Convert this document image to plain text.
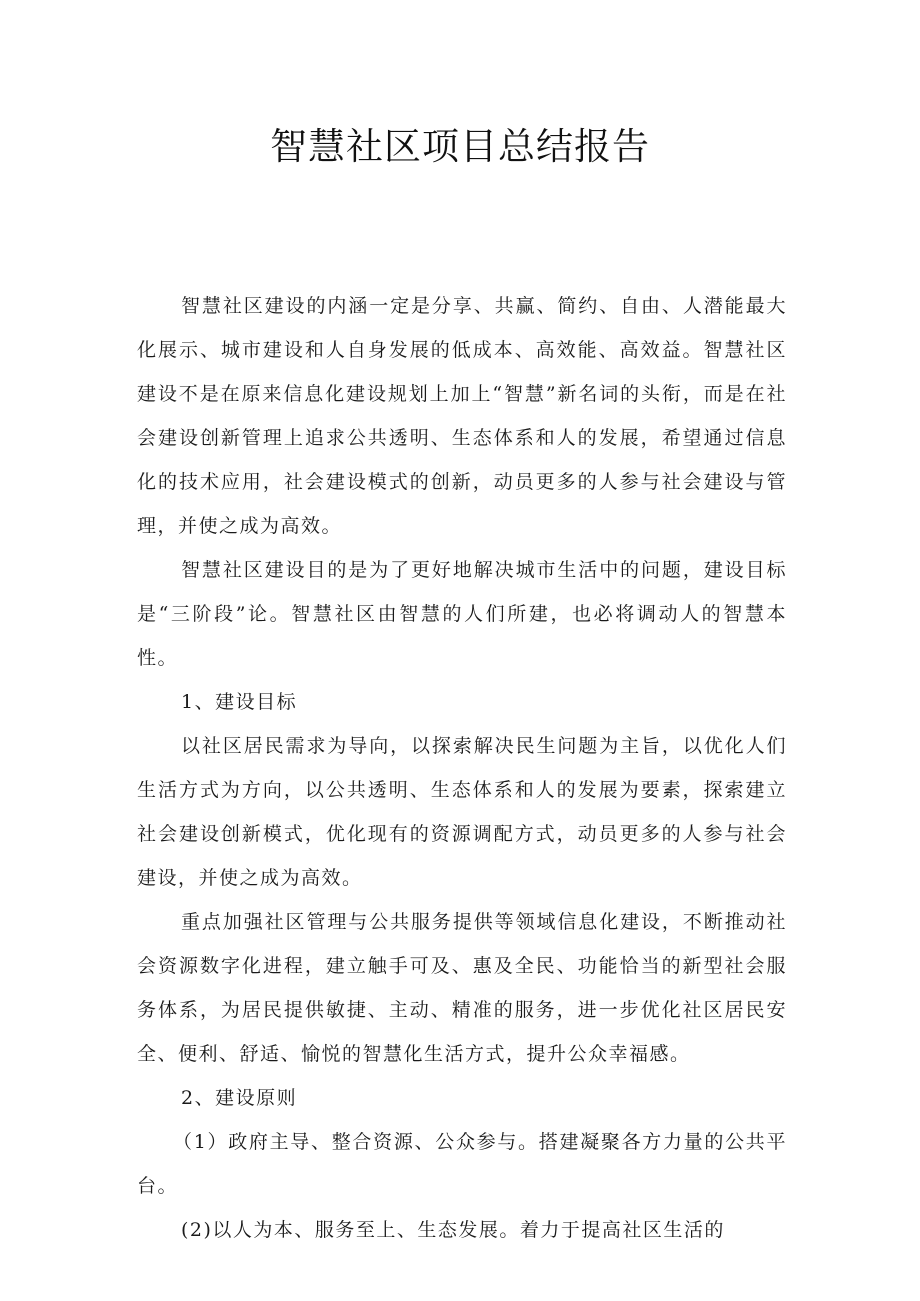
智慧社区项目总结报告

智慧社区建设的内涵一定是分享、共赢、简约、自由、人潜能最大化展示、城市建设和人自身发展的低成本、高效能、高效益。智慧社区建设不是在原来信息化建设规划上加上“智慧”新名词的头衔，而是在社会建设创新管理上追求公共透明、生态体系和人的发展，希望通过信息化的技术应用，社会建设模式的创新，动员更多的人参与社会建设与管理，并使之成为高效。

智慧社区建设目的是为了更好地解决城市生活中的问题，建设目标是“三阶段”论。智慧社区由智慧的人们所建，也必将调动人的智慧本性。

1、建设目标

以社区居民需求为导向，以探索解决民生问题为主旨，以优化人们生活方式为方向，以公共透明、生态体系和人的发展为要素，探索建立社会建设创新模式，优化现有的资源调配方式，动员更多的人参与社会建设，并使之成为高效。

重点加强社区管理与公共服务提供等领域信息化建设，不断推动社会资源数字化进程，建立触手可及、惠及全民、功能恰当的新型社会服务体系，为居民提供敏捷、主动、精准的服务，进一步优化社区居民安全、便利、舒适、愉悦的智慧化生活方式，提升公众幸福感。

2、建设原则

（1）政府主导、整合资源、公众参与。搭建凝聚各方力量的公共平台。

(2)以人为本、服务至上、生态发展。着力于提高社区生活的
